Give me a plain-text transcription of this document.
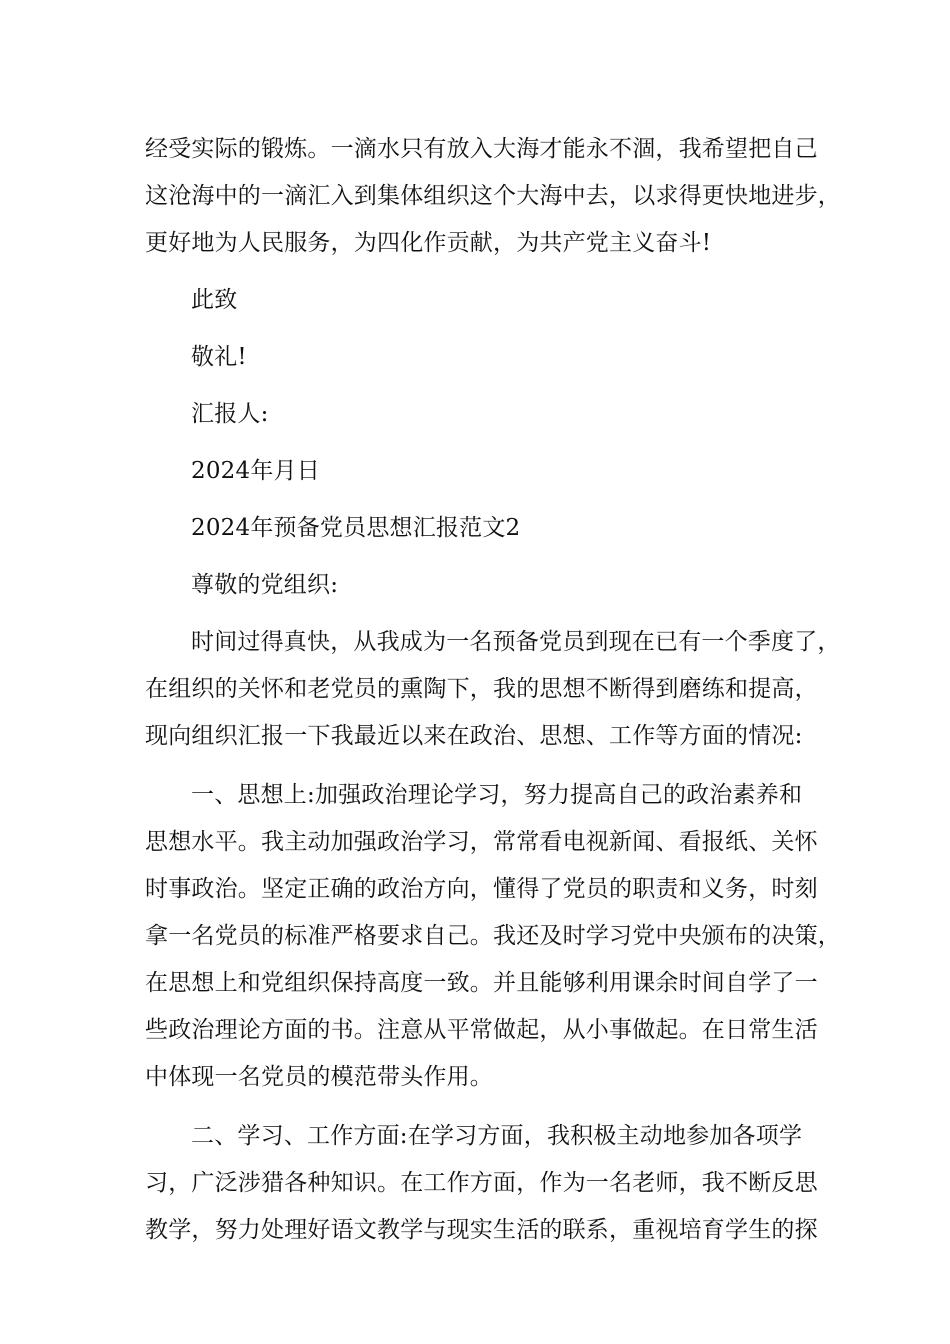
经受实际的锻炼。一滴水只有放入大海才能永不涸，我希望把自己
这沧海中的一滴汇入到集体组织这个大海中去，以求得更快地进步，
更好地为人民服务，为四化作贡献，为共产党主义奋斗!
此致
敬礼!
汇报人:
2024年月日
2024年预备党员思想汇报范文2
尊敬的党组织:
时间过得真快，从我成为一名预备党员到现在已有一个季度了，
在组织的关怀和老党员的熏陶下，我的思想不断得到磨练和提高，
现向组织汇报一下我最近以来在政治、思想、工作等方面的情况:
一、思想上:加强政治理论学习，努力提高自己的政治素养和
思想水平。我主动加强政治学习，常常看电视新闻、看报纸、关怀
时事政治。坚定正确的政治方向，懂得了党员的职责和义务，时刻
拿一名党员的标准严格要求自己。我还及时学习党中央颁布的决策，
在思想上和党组织保持高度一致。并且能够利用课余时间自学了一
些政治理论方面的书。注意从平常做起，从小事做起。在日常生活
中体现一名党员的模范带头作用。
二、学习、工作方面:在学习方面，我积极主动地参加各项学
习，广泛涉猎各种知识。在工作方面，作为一名老师，我不断反思
教学，努力处理好语文教学与现实生活的联系，重视培育学生的探
